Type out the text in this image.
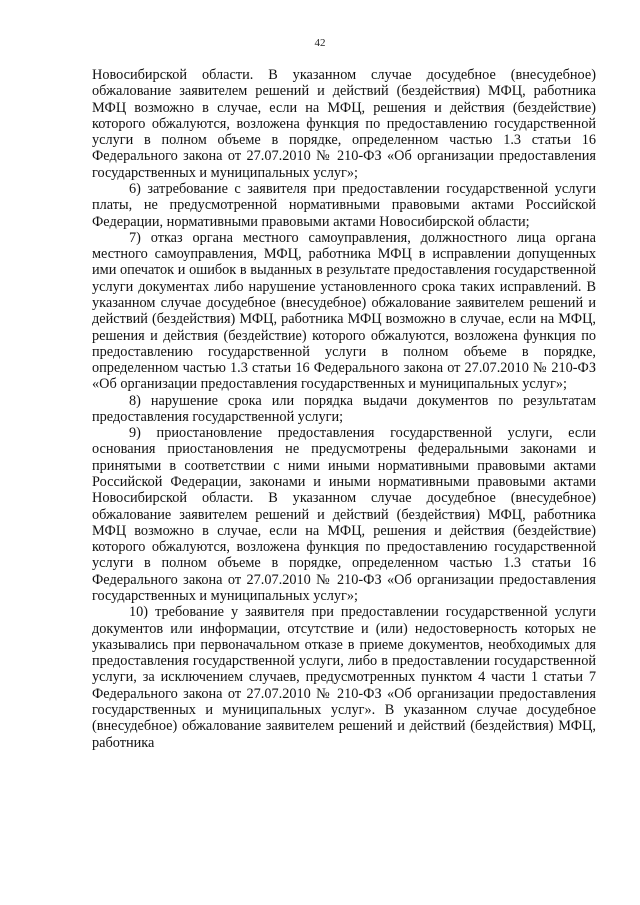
42

Новосибирской области. В указанном случае досудебное (внесудебное) обжалование заявителем решений и действий (бездействия) МФЦ, работника МФЦ возможно в случае, если на МФЦ, решения и действия (бездействие) которого обжалуются, возложена функция по предоставлению государственной услуги в полном объеме в порядке, определенном частью 1.3 статьи 16 Федерального закона от 27.07.2010 № 210-ФЗ «Об организации предоставления государственных и муниципальных услуг»;

6) затребование с заявителя при предоставлении государственной услуги платы, не предусмотренной нормативными правовыми актами Российской Федерации, нормативными правовыми актами Новосибирской области;

7) отказ органа местного самоуправления, должностного лица органа местного самоуправления, МФЦ, работника МФЦ в исправлении допущенных ими опечаток и ошибок в выданных в результате предоставления государственной услуги документах либо нарушение установленного срока таких исправлений. В указанном случае досудебное (внесудебное) обжалование заявителем решений и действий (бездействия) МФЦ, работника МФЦ возможно в случае, если на МФЦ, решения и действия (бездействие) которого обжалуются, возложена функция по предоставлению государственной услуги в полном объеме в порядке, определенном частью 1.3 статьи 16 Федерального закона от 27.07.2010 № 210-ФЗ «Об организации предоставления государственных и муниципальных услуг»;

8) нарушение срока или порядка выдачи документов по результатам предоставления государственной услуги;

9) приостановление предоставления государственной услуги, если основания приостановления не предусмотрены федеральными законами и принятыми в соответствии с ними иными нормативными правовыми актами Российской Федерации, законами и иными нормативными правовыми актами Новосибирской области. В указанном случае досудебное (внесудебное) обжалование заявителем решений и действий (бездействия) МФЦ, работника МФЦ возможно в случае, если на МФЦ, решения и действия (бездействие) которого обжалуются, возложена функция по предоставлению государственной услуги в полном объеме в порядке, определенном частью 1.3 статьи 16 Федерального закона от 27.07.2010 № 210-ФЗ «Об организации предоставления государственных и муниципальных услуг»;

10) требование у заявителя при предоставлении государственной услуги документов или информации, отсутствие и (или) недостоверность которых не указывались при первоначальном отказе в приеме документов, необходимых для предоставления государственной услуги, либо в предоставлении государственной услуги, за исключением случаев, предусмотренных пунктом 4 части 1 статьи 7 Федерального закона от 27.07.2010 № 210-ФЗ «Об организации предоставления государственных и муниципальных услуг». В указанном случае досудебное (внесудебное) обжалование заявителем решений и действий (бездействия) МФЦ, работника
